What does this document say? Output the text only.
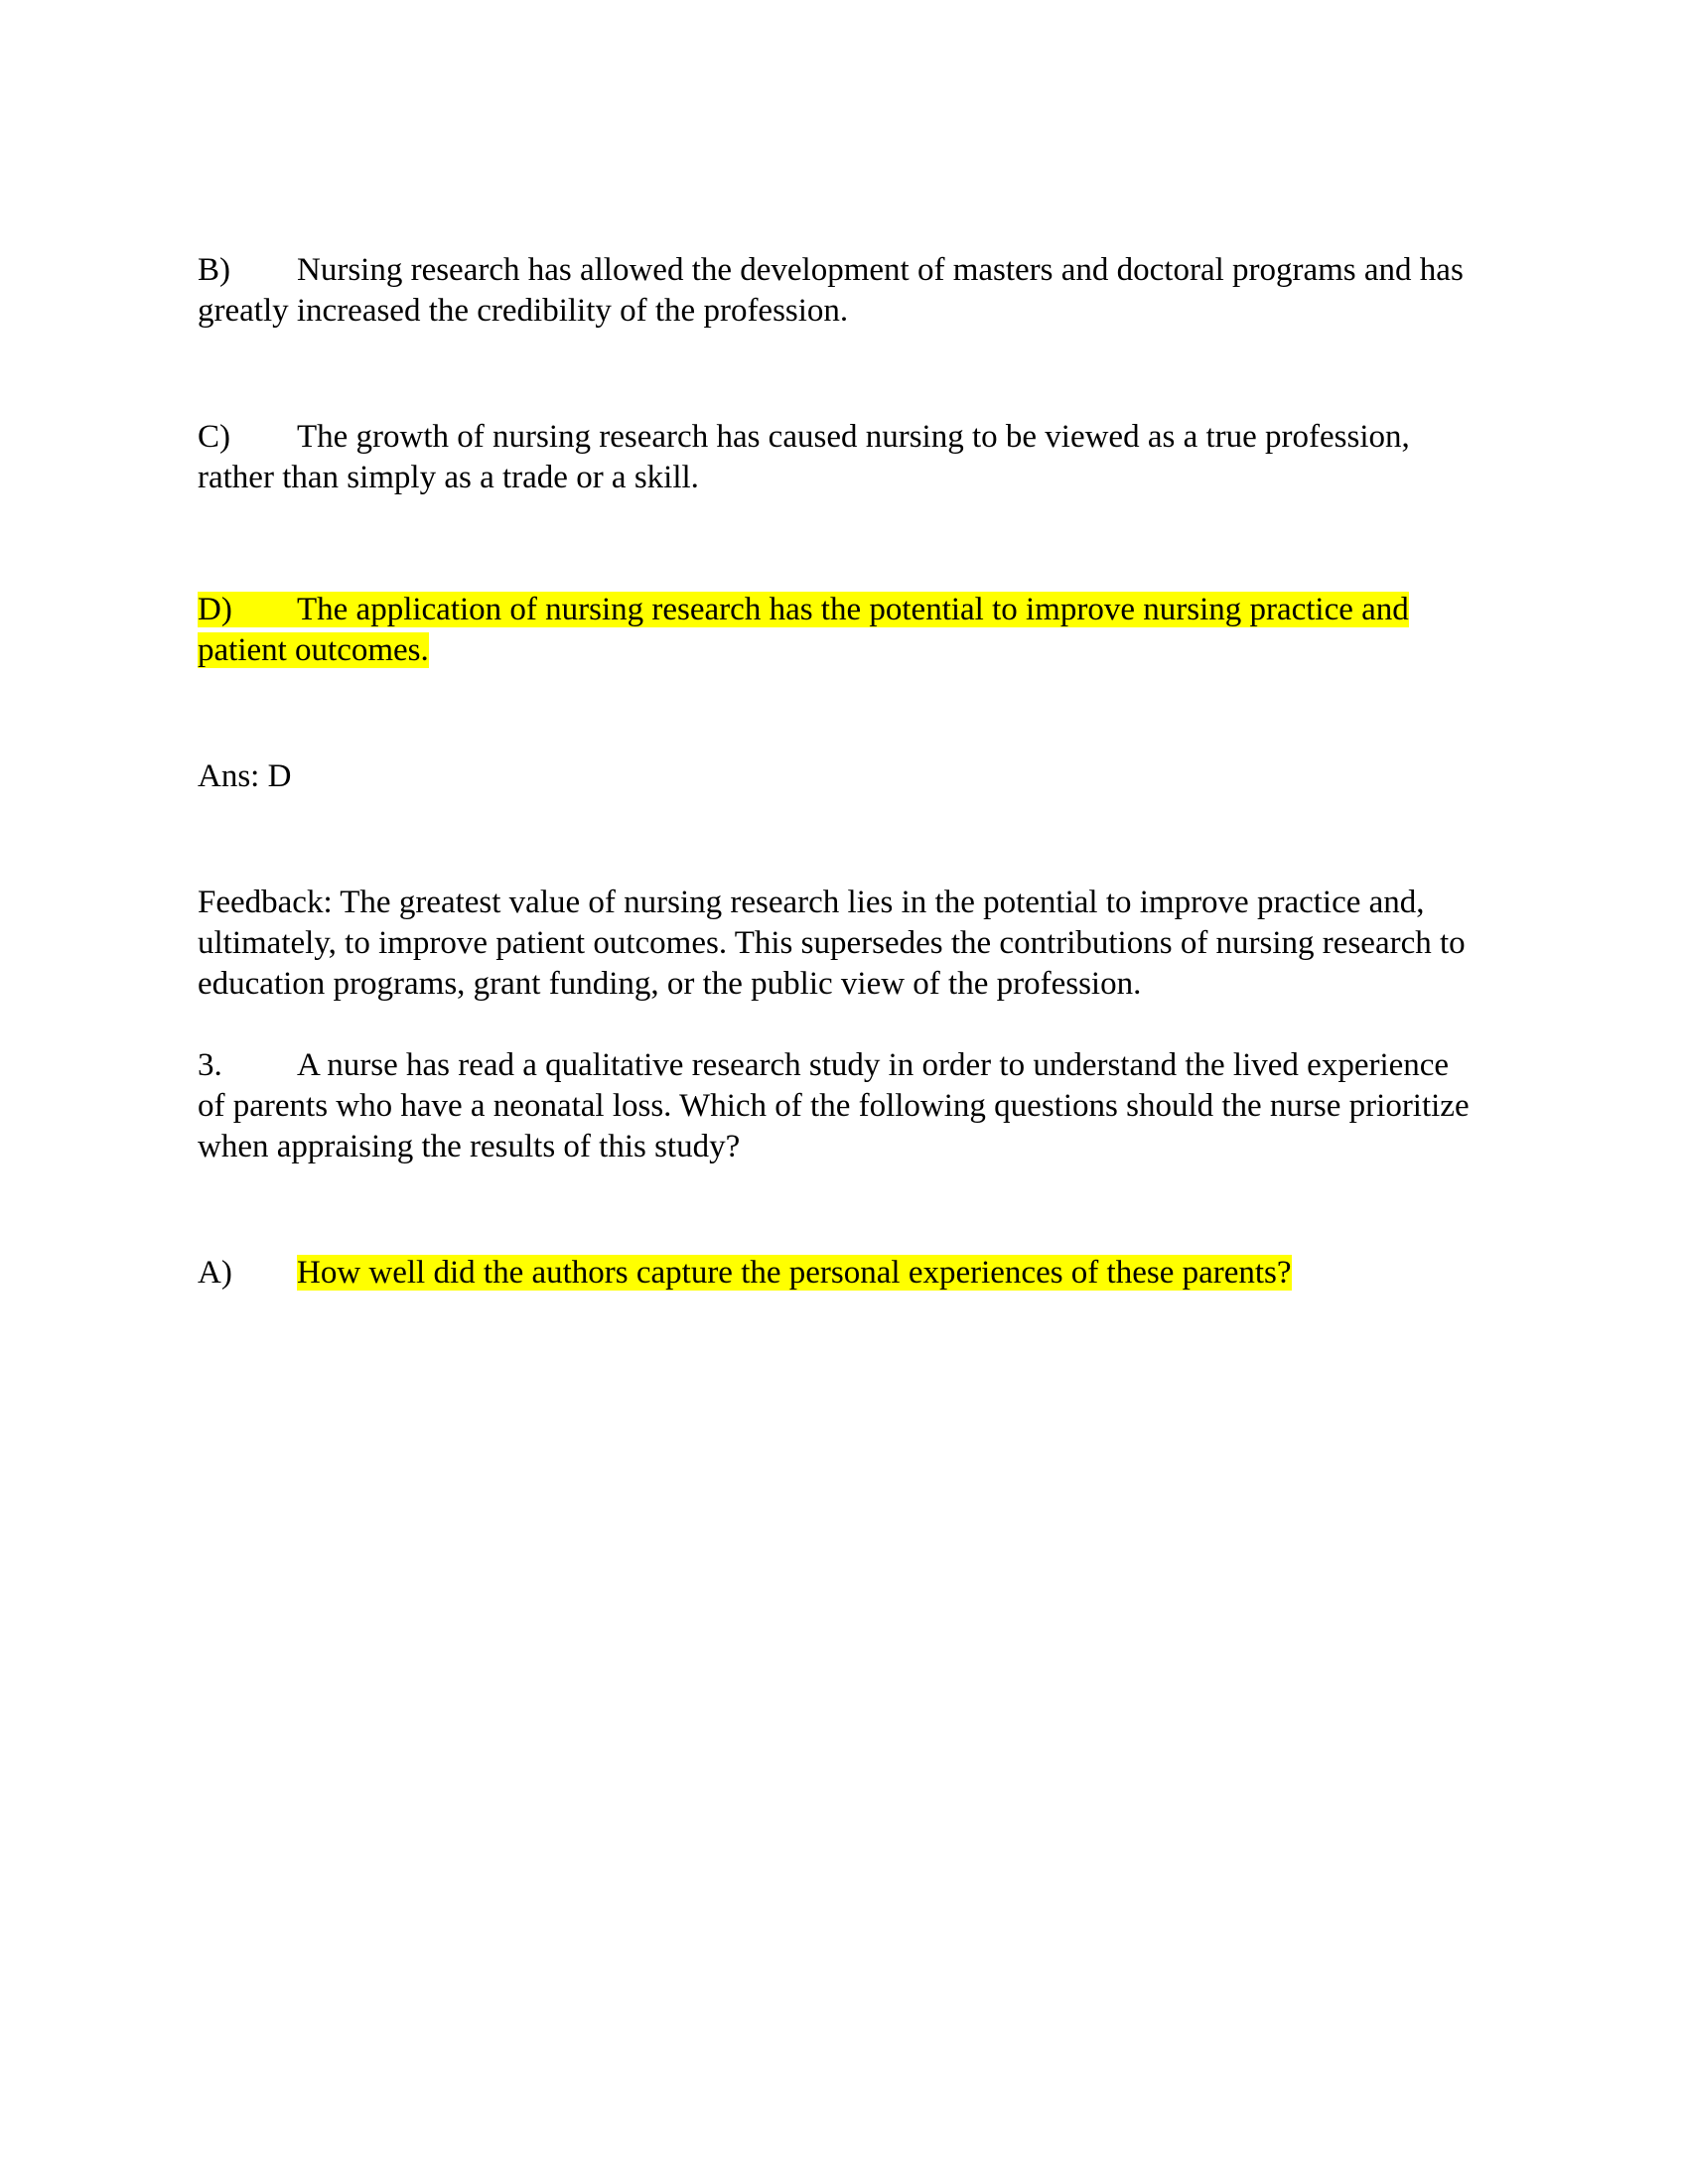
B) Nursing research has allowed the development of masters and doctoral programs and has
greatly increased the credibility of the profession.

C) The growth of nursing research has caused nursing to be viewed as a true profession,
rather than simply as a trade or a skill.

D) The application of nursing research has the potential to improve nursing practice and
patient outcomes.

Ans: D

Feedback: The greatest value of nursing research lies in the potential to improve practice and,
ultimately, to improve patient outcomes. This supersedes the contributions of nursing research to
education programs, grant funding, or the public view of the profession.

3. A nurse has read a qualitative research study in order to understand the lived experience
of parents who have a neonatal loss. Which of the following questions should the nurse prioritize
when appraising the results of this study?

A) How well did the authors capture the personal experiences of these parents?
